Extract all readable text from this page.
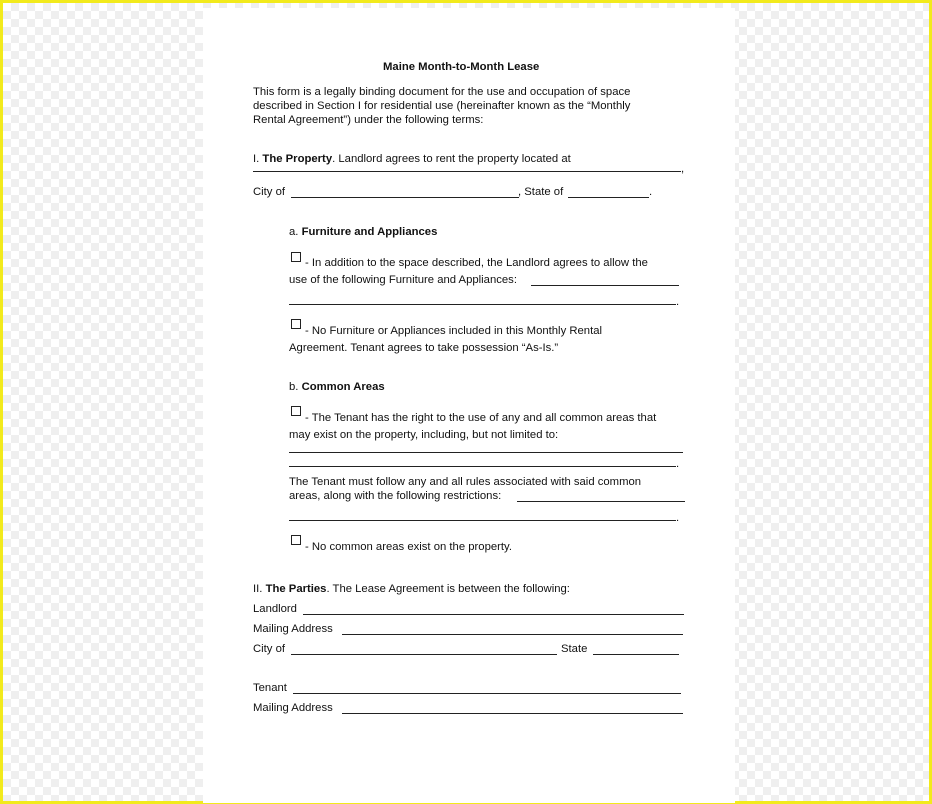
Maine Month-to-Month Lease
This form is a legally binding document for the use and occupation of space
described in Section I for residential use (hereinafter known as the “Monthly
Rental Agreement”) under the following terms:
I. The Property. Landlord agrees to rent the property located at
,
City of	, State of	.
a. Furniture and Appliances
- In addition to the space described, the Landlord agrees to allow the
use of the following Furniture and Appliances:
.
- No Furniture or Appliances included in this Monthly Rental
Agreement. Tenant agrees to take possession “As-Is.”
b. Common Areas
- The Tenant has the right to the use of any and all common areas that
may exist on the property, including, but not limited to:
.
The Tenant must follow any and all rules associated with said common
areas, along with the following restrictions:
.
- No common areas exist on the property.
II. The Parties. The Lease Agreement is between the following:
Landlord
Mailing Address
City of	State
Tenant
Mailing Address
